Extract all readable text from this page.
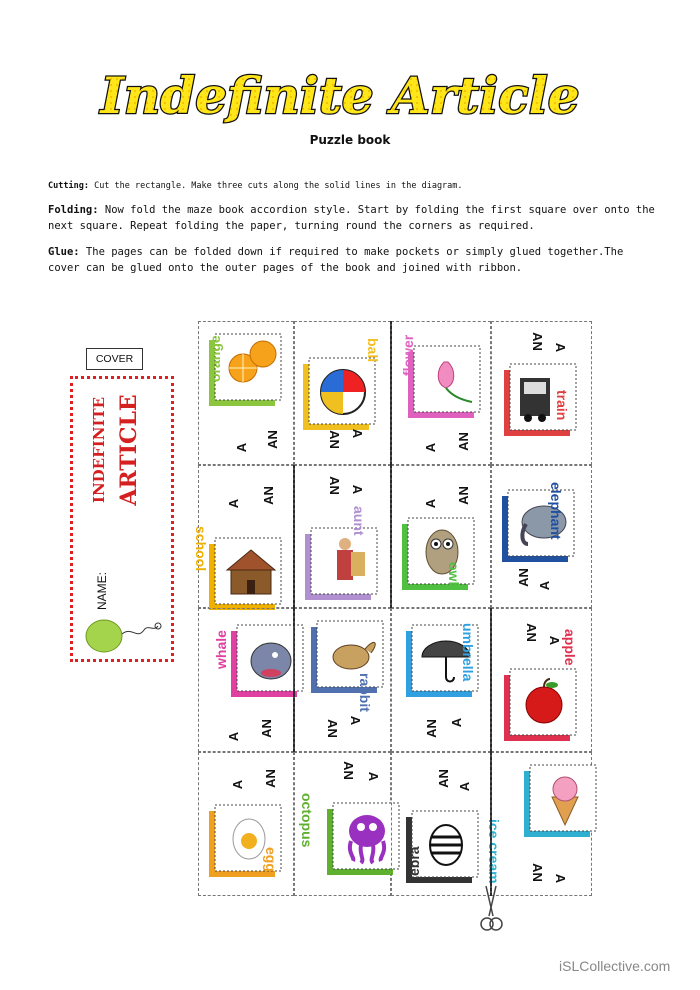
Indefinite Article
Puzzle book
Cutting: Cut the rectangle. Make three cuts along the solid lines in the diagram.
Folding: Now fold the maze book accordion style. Start by folding the first square over onto the next square. Repeat folding the paper, turning round the corners as required.
Glue: The pages can be folded down if required to make pockets or simply glued together.The cover can be glued onto the outer pages of the book and joined with ribbon.
COVER
INDEFINITE ARTICLE
NAME:
orange
A AN
ball
A
AN
flower
A AN
train
A
AN
school
A AN
aunt
A
AN
owl
A AN	elephant
A
AN
whale
A AN
rabbit
A
AN
umbrella
A
AN
apple
A
AN
egg
A AN
octopus
A
AN
zebra
A
AN
ice cream	A
AN
iSLCollective.com
